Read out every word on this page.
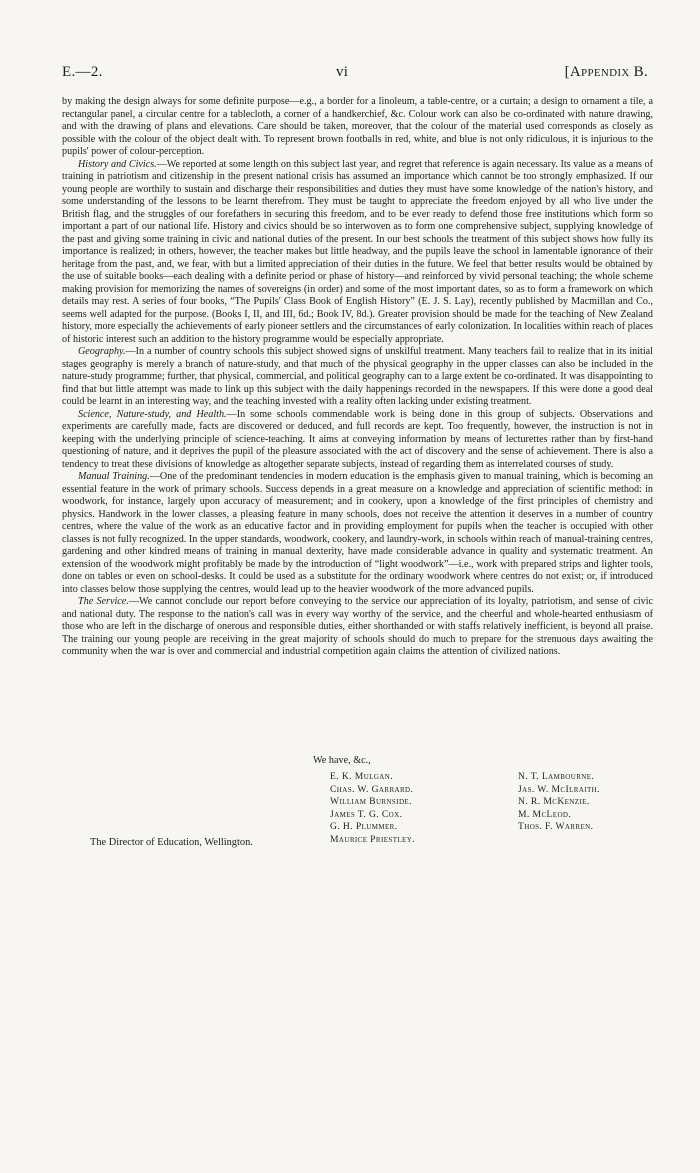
E.—2.	vi	[Appendix B.

by making the design always for some definite purpose—e.g., a border for a linoleum, a table-centre, or a curtain; a design to ornament a tile, a rectangular panel, a circular centre for a tablecloth, a corner of a handkerchief, &c. Colour work can also be co-ordinated with nature drawing, and with the drawing of plans and elevations. Care should be taken, moreover, that the colour of the material used corresponds as closely as possible with the colour of the object dealt with. To represent brown footballs in red, white, and blue is not only ridiculous, it is injurious to the pupils' power of colour-perception.

History and Civics.—We reported at some length on this subject last year, and regret that reference is again necessary. Its value as a means of training in patriotism and citizenship in the present national crisis has assumed an importance which cannot be too strongly emphasized. If our young people are worthily to sustain and discharge their responsibilities and duties they must have some knowledge of the nation's history, and some understanding of the lessons to be learnt therefrom. They must be taught to appreciate the freedom enjoyed by all who live under the British flag, and the struggles of our forefathers in securing this freedom, and to be ever ready to defend those free institutions which form so important a part of our national life. History and civics should be so interwoven as to form one comprehensive subject, supplying knowledge of the past and giving some training in civic and national duties of the present. In our best schools the treatment of this subject shows how fully its importance is realized; in others, however, the teacher makes but little headway, and the pupils leave the school in lamentable ignorance of their heritage from the past, and, we fear, with but a limited appreciation of their duties in the future. We feel that better results would be obtained by the use of suitable books—each dealing with a definite period or phase of history—and reinforced by vivid personal teaching; the whole scheme making provision for memorizing the names of sovereigns (in order) and some of the most important dates, so as to form a framework on which details may rest. A series of four books, “The Pupils' Class Book of English History” (E. J. S. Lay), recently published by Macmillan and Co., seems well adapted for the purpose. (Books I, II, and III, 6d.; Book IV, 8d.). Greater provision should be made for the teaching of New Zealand history, more especially the achievements of early pioneer settlers and the circumstances of early colonization. In localities within reach of places of historic interest such an addition to the history programme would be especially appropriate.

Geography.—In a number of country schools this subject showed signs of unskilful treatment. Many teachers fail to realize that in its initial stages geography is merely a branch of nature-study, and that much of the physical geography in the upper classes can also be included in the nature-study programme; further, that physical, commercial, and political geography can to a large extent be co-ordinated. It was disappointing to find that but little attempt was made to link up this subject with the daily happenings recorded in the newspapers. If this were done a good deal could be learnt in an interesting way, and the teaching invested with a reality often lacking under existing treatment.

Science, Nature-study, and Health.—In some schools commendable work is being done in this group of subjects. Observations and experiments are carefully made, facts are discovered or deduced, and full records are kept. Too frequently, however, the instruction is not in keeping with the underlying principle of science-teaching. It aims at conveying information by means of lecturettes rather than by first-hand questioning of nature, and it deprives the pupil of the pleasure associated with the act of discovery and the sense of achievement. There is also a tendency to treat these divisions of knowledge as altogether separate subjects, instead of regarding them as interrelated courses of study.

Manual Training.—One of the predominant tendencies in modern education is the emphasis given to manual training, which is becoming an essential feature in the work of primary schools. Success depends in a great measure on a knowledge and appreciation of scientific method: in woodwork, for instance, largely upon accuracy of measurement; and in cookery, upon a knowledge of the first principles of chemistry and physics. Handwork in the lower classes, a pleasing feature in many schools, does not receive the attention it deserves in a number of country centres, where the value of the work as an educative factor and in providing employment for pupils when the teacher is occupied with other classes is not fully recognized. In the upper standards, woodwork, cookery, and laundry-work, in schools within reach of manual-training centres, gardening and other kindred means of training in manual dexterity, have made considerable advance in quality and systematic treatment. An extension of the woodwork might profitably be made by the introduction of “light woodwork”—i.e., work with prepared strips and lighter tools, done on tables or even on school-desks. It could be used as a substitute for the ordinary woodwork where centres do not exist; or, if introduced into classes below those supplying the centres, would lead up to the heavier woodwork of the more advanced pupils.

The Service.—We cannot conclude our report before conveying to the service our appreciation of its loyalty, patriotism, and sense of civic and national duty. The response to the nation's call was in every way worthy of the service, and the cheerful and whole-hearted enthusiasm of those who are left in the discharge of onerous and responsible duties, either shorthanded or with staffs relatively inefficient, is beyond all praise. The training our young people are receiving in the great majority of schools should do much to prepare for the strenuous days awaiting the community when the war is over and commercial and industrial competition again claims the attention of civilized nations.

We have, &c.,
E. K. Mulgan.
Chas. W. Garrard.
William Burnside.
James T. G. Cox.
G. H. Plummer.
Maurice Priestley.
N. T. Lambourne.
Jas. W. McIlraith.
N. R. McKenzie.
M. McLeod.
Thos. F. Warren.
The Director of Education, Wellington.
